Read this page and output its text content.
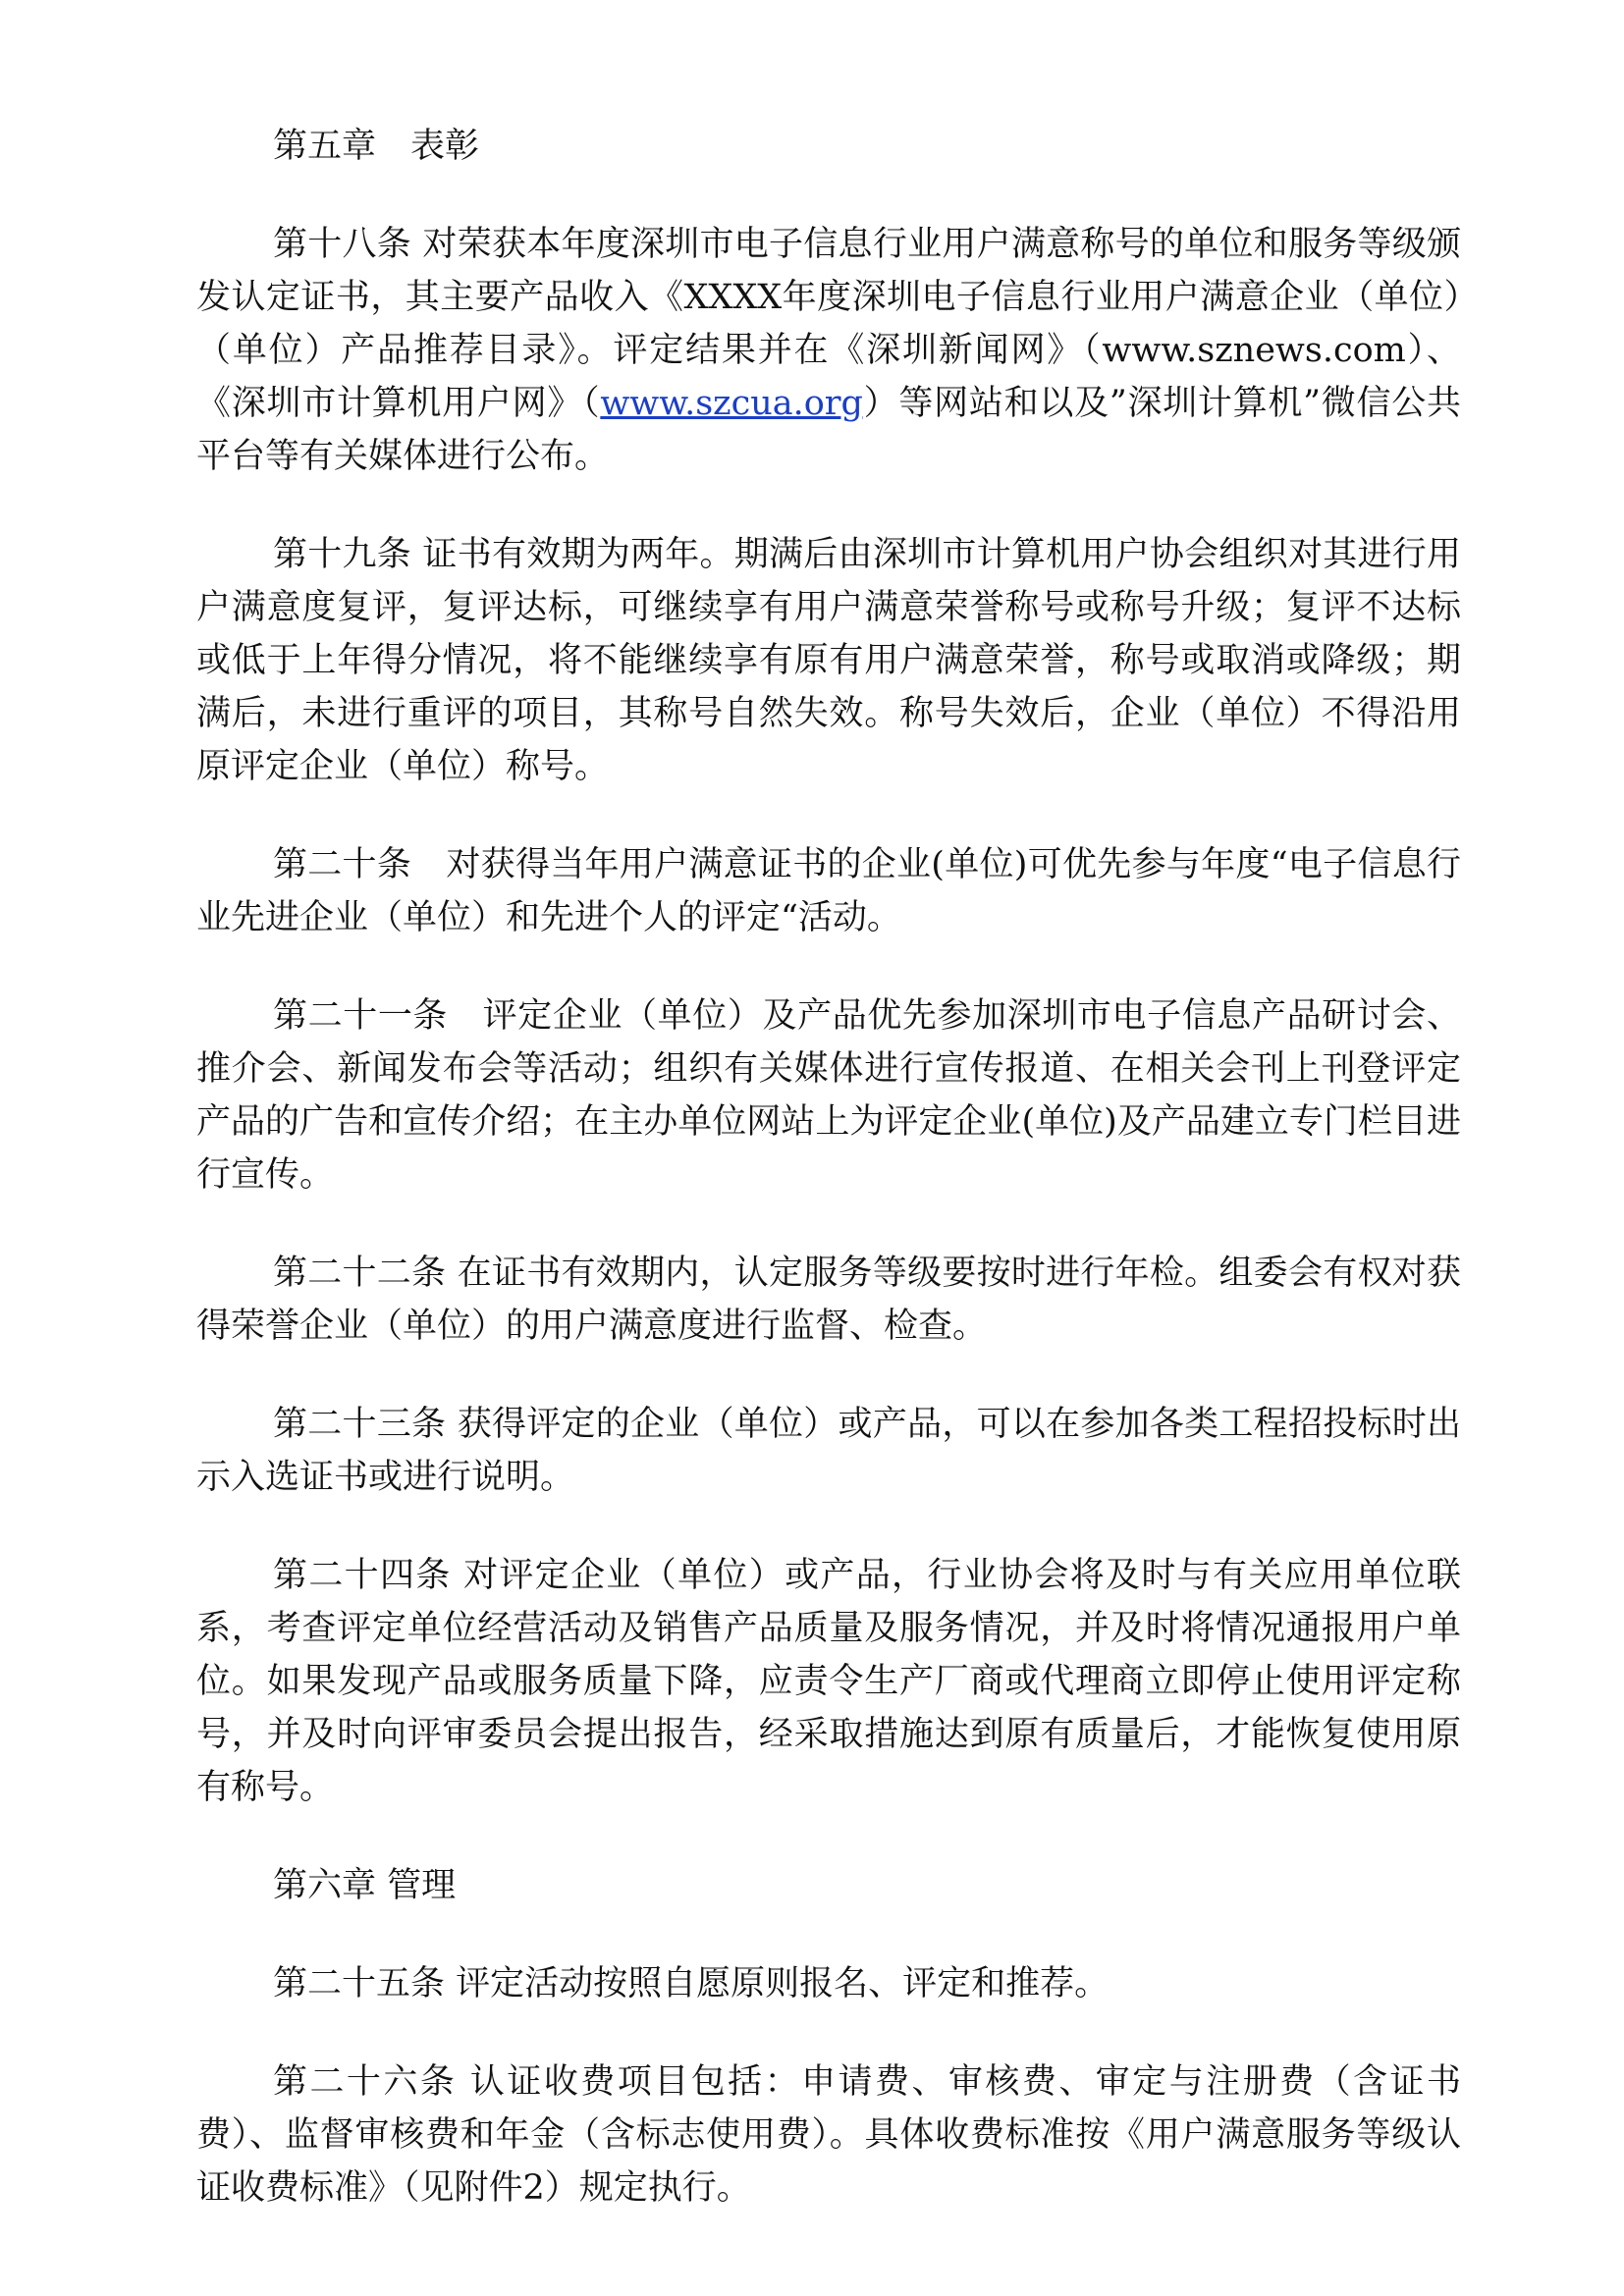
第五章　表彰

第十八条 对荣获本年度深圳市电子信息行业用户满意称号的单位和服务等级颁发认定证书，其主要产品收入《XXXX年度深圳电子信息行业用户满意企业（单位）（单位）产品推荐目录》。评定结果并在《深圳新闻网》（www.sznews.com）、《深圳市计算机用户网》（www.szcua.org）等网站和以及”深圳计算机”微信公共平台等有关媒体进行公布。

第十九条 证书有效期为两年。期满后由深圳市计算机用户协会组织对其进行用户满意度复评，复评达标，可继续享有用户满意荣誉称号或称号升级；复评不达标或低于上年得分情况，将不能继续享有原有用户满意荣誉，称号或取消或降级；期满后，未进行重评的项目，其称号自然失效。称号失效后，企业（单位）不得沿用原评定企业（单位）称号。

第二十条　对获得当年用户满意证书的企业(单位)可优先参与年度“电子信息行业先进企业（单位）和先进个人的评定“活动。

第二十一条　评定企业（单位）及产品优先参加深圳市电子信息产品研讨会、推介会、新闻发布会等活动；组织有关媒体进行宣传报道、在相关会刊上刊登评定产品的广告和宣传介绍；在主办单位网站上为评定企业(单位)及产品建立专门栏目进行宣传。

第二十二条 在证书有效期内，认定服务等级要按时进行年检。组委会有权对获得荣誉企业（单位）的用户满意度进行监督、检查。

第二十三条 获得评定的企业（单位）或产品，可以在参加各类工程招投标时出示入选证书或进行说明。

第二十四条 对评定企业（单位）或产品，行业协会将及时与有关应用单位联系，考查评定单位经营活动及销售产品质量及服务情况，并及时将情况通报用户单位。如果发现产品或服务质量下降，应责令生产厂商或代理商立即停止使用评定称号，并及时向评审委员会提出报告，经采取措施达到原有质量后，才能恢复使用原有称号。

第六章 管理

第二十五条 评定活动按照自愿原则报名、评定和推荐。

第二十六条 认证收费项目包括：申请费、审核费、审定与注册费（含证书费）、监督审核费和年金（含标志使用费）。具体收费标准按《用户满意服务等级认证收费标准》（见附件2）规定执行。
